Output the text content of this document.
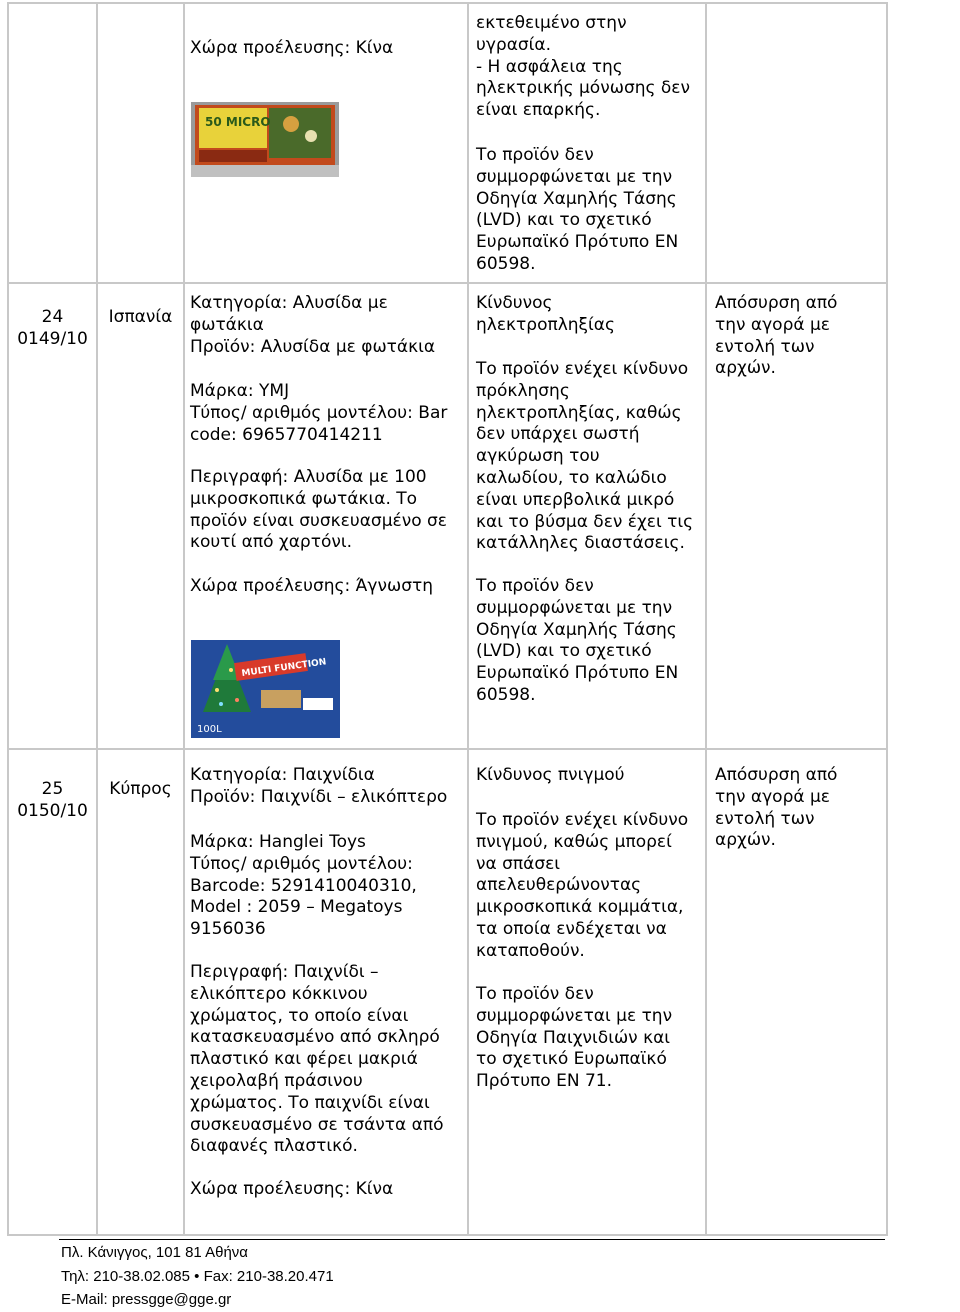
Χώρα προέλευσης: Κίνα

50 MICRO

εκτεθειμένο στην
υγρασία.
- Η ασφάλεια της
ηλεκτρικής μόνωσης δεν
είναι επαρκής.

Το προϊόν δεν
συμμορφώνεται με την
Οδηγία Χαμηλής Τάσης
(LVD) και το σχετικό
Ευρωπαϊκό Πρότυπο EN
60598.

24
0149/10
Ισπανία

Κατηγορία: Αλυσίδα με
φωτάκια
Προϊόν: Αλυσίδα με φωτάκια

Μάρκα: YMJ
Τύπος/ αριθμός μοντέλου: Bar
code: 6965770414211

Περιγραφή: Αλυσίδα με 100
μικροσκοπικά φωτάκια. Το
προϊόν είναι συσκευασμένο σε
κουτί από χαρτόνι.

Χώρα προέλευσης: Άγνωστη

MULTI FUNCTION
100L

Κίνδυνος
ηλεκτροπληξίας

Το προϊόν ενέχει κίνδυνο
πρόκλησης
ηλεκτροπληξίας, καθώς
δεν υπάρχει σωστή
αγκύρωση του
καλωδίου, το καλώδιο
είναι υπερβολικά μικρό
και το βύσμα δεν έχει τις
κατάλληλες διαστάσεις.

Το προϊόν δεν
συμμορφώνεται με την
Οδηγία Χαμηλής Τάσης
(LVD) και το σχετικό
Ευρωπαϊκό Πρότυπο EN
60598.

Απόσυρση από
την αγορά με
εντολή των
αρχών.

25
0150/10
Κύπρος

Κατηγορία: Παιχνίδια
Προϊόν: Παιχνίδι – ελικόπτερο

Μάρκα: Hanglei Toys
Τύπος/ αριθμός μοντέλου:
Barcode: 5291410040310,
Model : 2059 – Megatoys
9156036

Περιγραφή: Παιχνίδι –
ελικόπτερο κόκκινου
χρώματος, το οποίο είναι
κατασκευασμένο από σκληρό
πλαστικό και φέρει μακριά
χειρολαβή πράσινου
χρώματος. Το παιχνίδι είναι
συσκευασμένο σε τσάντα από
διαφανές πλαστικό.

Χώρα προέλευσης: Κίνα

Κίνδυνος πνιγμού

Το προϊόν ενέχει κίνδυνο
πνιγμού, καθώς μπορεί
να σπάσει
απελευθερώνοντας
μικροσκοπικά κομμάτια,
τα οποία ενδέχεται να
καταποθούν.

Το προϊόν δεν
συμμορφώνεται με την
Οδηγία Παιχνιδιών και
το σχετικό Ευρωπαϊκό
Πρότυπο EN 71.

Απόσυρση από
την αγορά με
εντολή των
αρχών.

Πλ. Κάνιγγος, 101 81 Αθήνα
Τηλ: 210-38.02.085 • Fax: 210-38.20.471
E-Mail: pressgge@gge.gr
